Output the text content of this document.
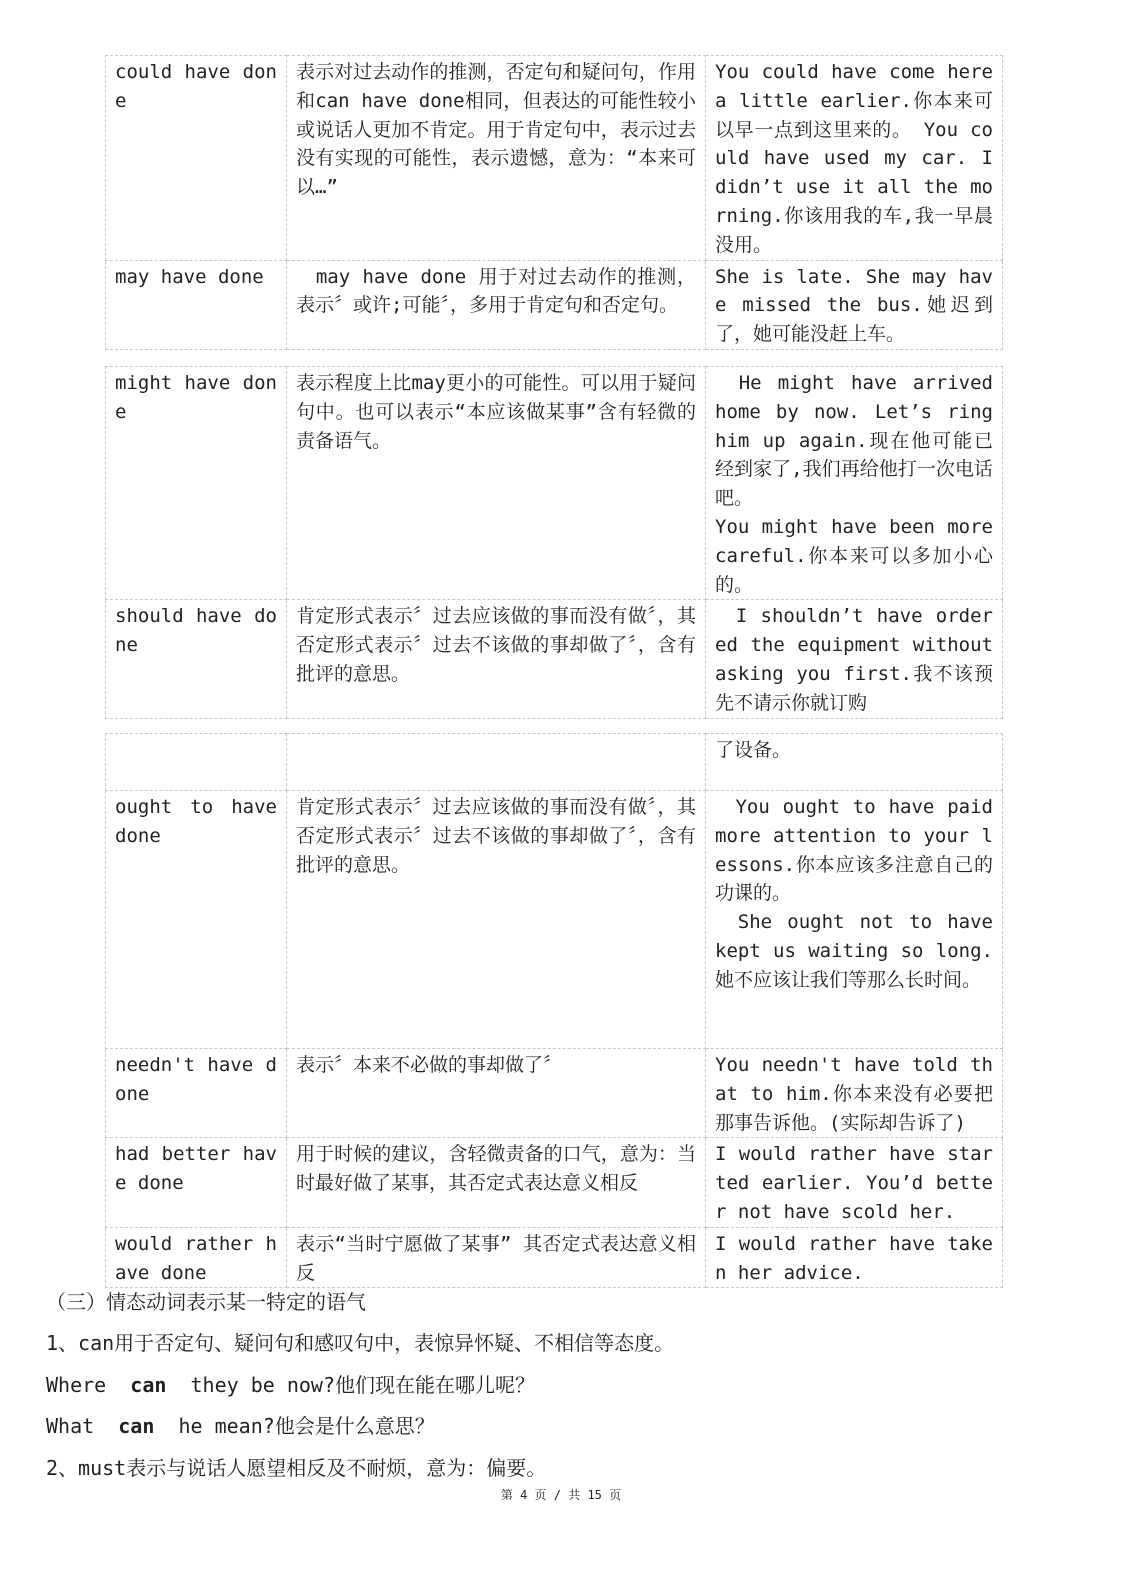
could have done	表示对过去动作的推测，否定句和疑问句，作用和can have done相同，但表达的可能性较小或说话人更加不肯定。用于肯定句中，表示过去没有实现的可能性，表示遗憾，意为：“本来可以…”	You could have come here a little earlier.你本来可以早一点到这里来的。 You could have used my car. I didn’t use it all the morning.你该用我的车,我一早晨没用。
may have done	　may have done 用于对过去动作的推测，表示〞或许;可能〞，多用于肯定句和否定句。	She is late. She may have missed the bus.她迟到了，她可能没赶上车。
might have done	表示程度上比may更小的可能性。可以用于疑问句中。也可以表示“本应该做某事”含有轻微的责备语气。	　He might have arrived home by now. Let’s ring him up again.现在他可能已经到家了,我们再给他打一次电话吧。
You might have been more careful.你本来可以多加小心的。
should have done	肯定形式表示〞过去应该做的事而没有做〞，其否定形式表示〞过去不该做的事却做了〞，含有批评的意思。	　I shouldn’t have ordered the equipment without asking you first.我不该预先不请示你就订购
		了设备。
ought to have done	肯定形式表示〞过去应该做的事而没有做〞，其否定形式表示〞过去不该做的事却做了〞，含有批评的意思。	　You ought to have paid more attention to your lessons.你本应该多注意自己的功课的。
　She ought not to have kept us waiting so long.她不应该让我们等那么长时间。
needn't have done	表示〞本来不必做的事却做了〞	You needn't have told that to him.你本来没有必要把那事告诉他。(实际却告诉了)
had better have done	用于时候的建议，含轻微责备的口气，意为：当时最好做了某事，其否定式表达意义相反	I would rather have started earlier. You’d better not have scold her.
would rather have done	表示“当时宁愿做了某事” 其否定式表达意义相反	I would rather have taken her advice.
（三）情态动词表示某一特定的语气
1、can用于否定句、疑问句和感叹句中，表惊异怀疑、不相信等态度。
Where  can  they be now?他们现在能在哪儿呢？
What  can  he mean?他会是什么意思？
2、must表示与说话人愿望相反及不耐烦，意为：偏要。
第 4 页 / 共 15 页
